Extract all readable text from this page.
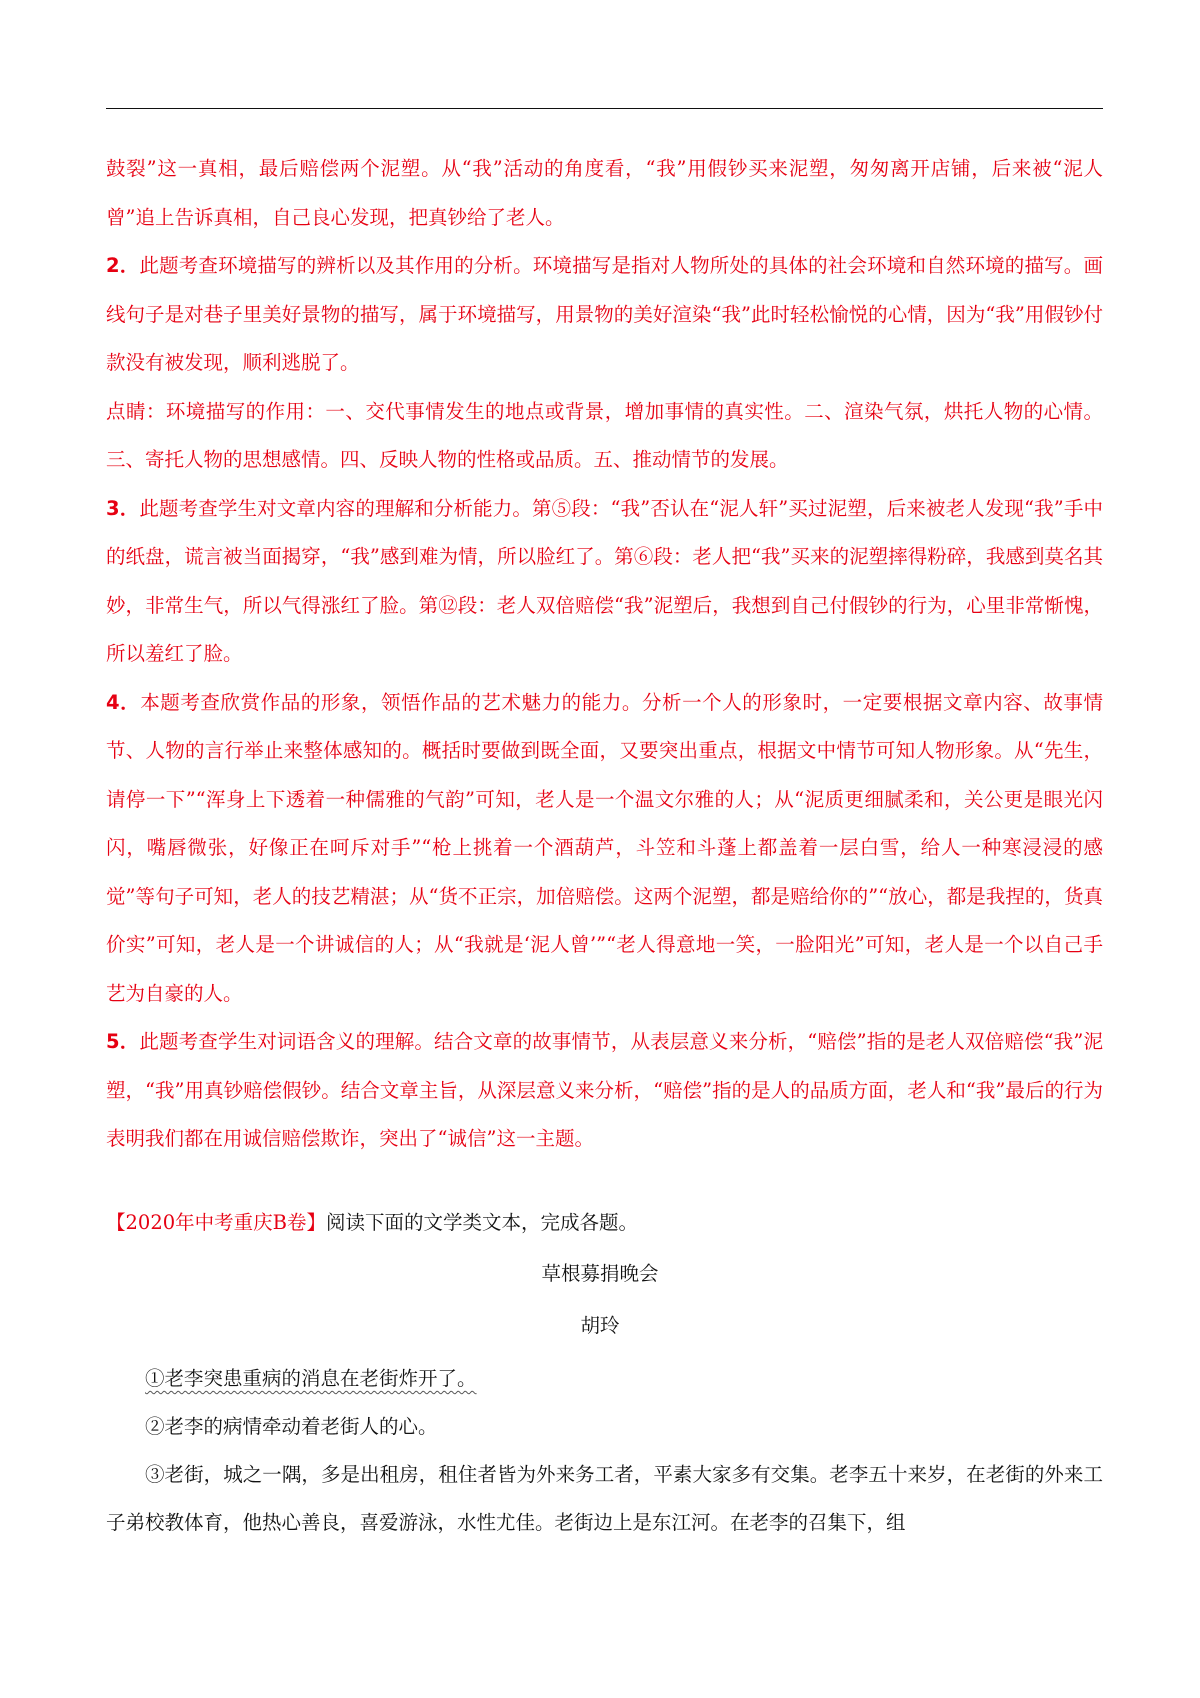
鼓裂”这一真相，最后赔偿两个泥塑。从“我”活动的角度看，“我”用假钞买来泥塑，匆匆离开店铺，后来被“泥人曾”追上告诉真相，自己良心发现，把真钞给了老人。

2．此题考查环境描写的辨析以及其作用的分析。环境描写是指对人物所处的具体的社会环境和自然环境的描写。画线句子是对巷子里美好景物的描写，属于环境描写，用景物的美好渲染“我”此时轻松愉悦的心情，因为“我”用假钞付款没有被发现，顺利逃脱了。

点睛：环境描写的作用：一、交代事情发生的地点或背景，增加事情的真实性。二、渲染气氛，烘托人物的心情。三、寄托人物的思想感情。四、反映人物的性格或品质。五、推动情节的发展。

3．此题考查学生对文章内容的理解和分析能力。第⑤段：“我”否认在“泥人轩”买过泥塑，后来被老人发现“我”手中的纸盘，谎言被当面揭穿，“我”感到难为情，所以脸红了。第⑥段：老人把“我”买来的泥塑摔得粉碎，我感到莫名其妙，非常生气，所以气得涨红了脸。第⑫段：老人双倍赔偿“我”泥塑后，我想到自己付假钞的行为，心里非常惭愧，所以羞红了脸。

4．本题考查欣赏作品的形象，领悟作品的艺术魅力的能力。分析一个人的形象时，一定要根据文章内容、故事情节、人物的言行举止来整体感知的。概括时要做到既全面，又要突出重点，根据文中情节可知人物形象。从“先生，请停一下”“浑身上下透着一种儒雅的气韵”可知，老人是一个温文尔雅的人；从“泥质更细腻柔和，关公更是眼光闪闪，嘴唇微张，好像正在呵斥对手”“枪上挑着一个酒葫芦，斗笠和斗蓬上都盖着一层白雪，给人一种寒浸浸的感觉”等句子可知，老人的技艺精湛；从“货不正宗，加倍赔偿。这两个泥塑，都是赔给你的”“放心，都是我捏的，货真价实”可知，老人是一个讲诚信的人；从“我就是‘泥人曾’”“老人得意地一笑，一脸阳光”可知，老人是一个以自己手艺为自豪的人。

5．此题考查学生对词语含义的理解。结合文章的故事情节，从表层意义来分析，“赔偿”指的是老人双倍赔偿“我”泥塑，“我”用真钞赔偿假钞。结合文章主旨，从深层意义来分析，“赔偿”指的是人的品质方面，老人和“我”最后的行为表明我们都在用诚信赔偿欺诈，突出了“诚信”这一主题。

【2020年中考重庆B卷】阅读下面的文学类文本，完成各题。
草根募捐晚会
胡玲

①老李突患重病的消息在老街炸开了。

②老李的病情牵动着老街人的心。

③老街，城之一隅，多是出租房，租住者皆为外来务工者，平素大家多有交集。老李五十来岁，在老街的外来工子弟校教体育，他热心善良，喜爱游泳，水性尤佳。老街边上是东江河。在老李的召集下，组
